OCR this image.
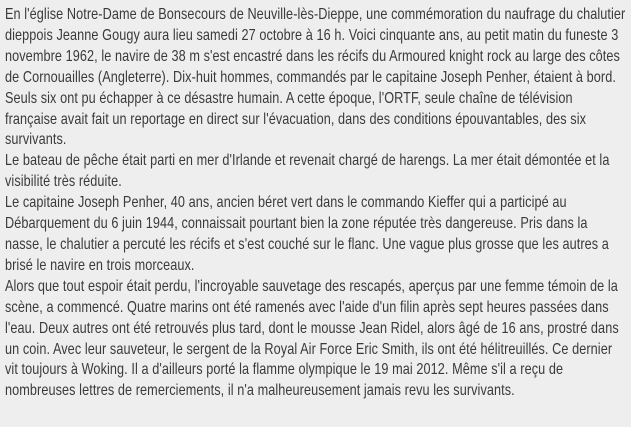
En l'église Notre-Dame de Bonsecours de Neuville-lès-Dieppe, une commémoration du naufrage du chalutier dieppois Jeanne Gougy aura lieu samedi 27 octobre à 16 h. Voici cinquante ans, au petit matin du funeste 3 novembre 1962, le navire de 38 m s'est encastré dans les récifs du Armoured knight rock au large des côtes de Cornouailles (Angleterre). Dix-huit hommes, commandés par le capitaine Joseph Penher, étaient à bord. Seuls six ont pu échapper à ce désastre humain. A cette époque, l'ORTF, seule chaîne de télévision française avait fait un reportage en direct sur l'évacuation, dans des conditions épouvantables, des six survivants.

Le bateau de pêche était parti en mer d'Irlande et revenait chargé de harengs. La mer était démontée et la visibilité très réduite.

Le capitaine Joseph Penher, 40 ans, ancien béret vert dans le commando Kieffer qui a participé au Débarquement du 6 juin 1944, connaissait pourtant bien la zone réputée très dangereuse. Pris dans la nasse, le chalutier a percuté les récifs et s'est couché sur le flanc. Une vague plus grosse que les autres a brisé le navire en trois morceaux.

Alors que tout espoir était perdu, l'incroyable sauvetage des rescapés, aperçus par une femme témoin de la scène, a commencé. Quatre marins ont été ramenés avec l'aide d'un filin après sept heures passées dans l'eau. Deux autres ont été retrouvés plus tard, dont le mousse Jean Ridel, alors âgé de 16 ans, prostré dans un coin. Avec leur sauveteur, le sergent de la Royal Air Force Eric Smith, ils ont été hélitreuillés. Ce dernier vit toujours à Woking. Il a d'ailleurs porté la flamme olympique le 19 mai 2012. Même s'il a reçu de nombreuses lettres de remerciements, il n'a malheureusement jamais revu les survivants.
